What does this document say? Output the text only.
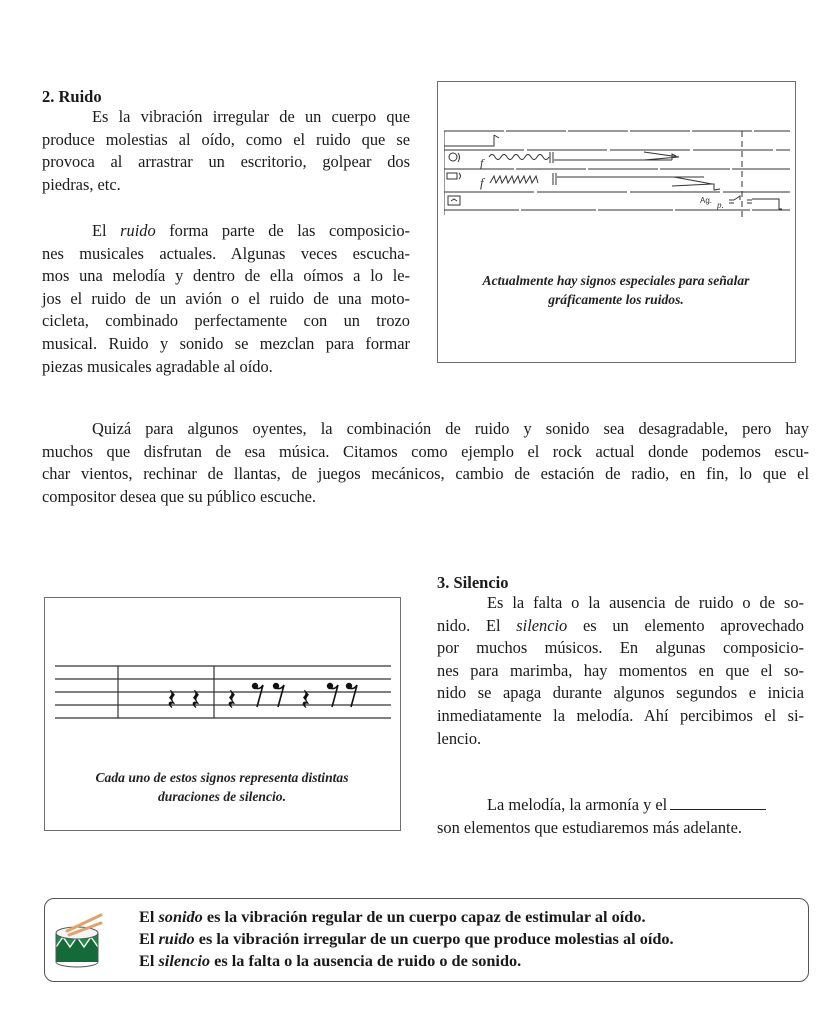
2. Ruido
Es la vibración irregular de un cuerpo que
produce molestias al oído, como el ruido que se
provoca al arrastrar un escritorio, golpear dos
piedras, etc.
El ruido forma parte de las composicio-
nes musicales actuales. Algunas veces escucha-
mos una melodía y dentro de ella oímos a lo le-
jos el ruido de un avión o el ruido de una moto-
cicleta, combinado perfectamente con un trozo
musical. Ruido y sonido se mezclan para formar
piezas musicales agradable al oído.
f
f
Ag. p.
Actualmente hay signos especiales para señalar
gráficamente los ruidos.
Quizá para algunos oyentes, la combinación de ruido y sonido sea desagradable, pero hay
muchos que disfrutan de esa música. Citamos como ejemplo el rock actual donde podemos escu-
char vientos, rechinar de llantas, de juegos mecánicos, cambio de estación de radio, en fin, lo que el
compositor desea que su público escuche.
𝄽 𝄽 𝄽 𝄽
Cada uno de estos signos representa distintas
duraciones de silencio.
3. Silencio
Es la falta o la ausencia de ruido o de so-
nido. El silencio es un elemento aprovechado
por muchos músicos. En algunas composicio-
nes para marimba, hay momentos en que el so-
nido se apaga durante algunos segundos e inicia
inmediatamente la melodía. Ahí percibimos el si-
lencio.
La melodía, la armonía y el
son elementos que estudiaremos más adelante.
El sonido es la vibración regular de un cuerpo capaz de estimular al oído.
El ruido es la vibración irregular de un cuerpo que produce molestias al oído.
El silencio es la falta o la ausencia de ruido o de sonido.
